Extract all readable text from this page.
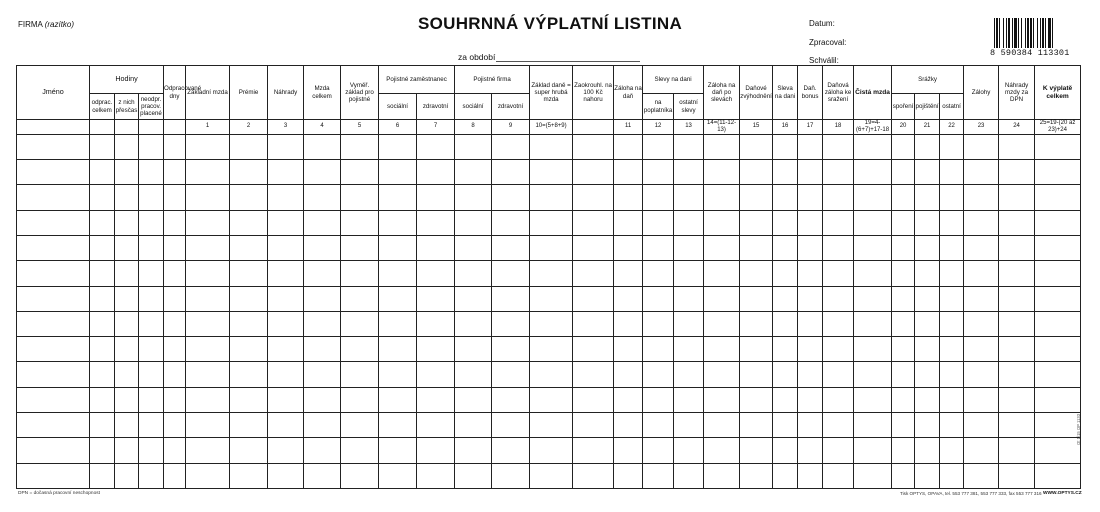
FIRMA (razítko)	SOUHRNNÁ VÝPLATNÍ LISTINA	Datum:
Zpracoval:
Schválil:
za období	8 590384 113301
Jméno	Hodiny			Odpracované dny	Základní mzda	Prémie	Náhrady	Mzda celkem	Vyměř. základ pro pojistné	Pojistné zaměstnanec		Pojistné firma		Základ daně = super hrubá mzda	Zaokrouhl. na 100 Kč nahoru	Záloha na daň	Slevy na dani		Záloha na daň po slevách	Daňové zvýhodnění	Sleva na dani	Daň. bonus	Daňová záloha ke sražení	Čistá mzda	Srážky			Zálohy	Náhrady mzdy za DPN	K výplatě celkem
	odprac. celkem	z nich přesčas	neodpr. pracov. placené							sociální	zdravotní	sociální	zdravotní				na poplatníka	ostatní slevy							spoření	pojištění	ostatní			
					1	2	3	4	5	6	7	8	9	10=(5+8+9)		11	12	13	14=(11-12-13)	15	16	17	18	19=4-(6+7)+17-18	20	21	22	23	24	25=19-(20 až 23)+24

DPN = dočasná pracovní neschopnost	Tisk OPTYS, OPAVA, tel. 553 777 381, 553 777 333, fax 553 777 316 WWW.OPTYS.CZ
Ot 1/15 OP 1133
